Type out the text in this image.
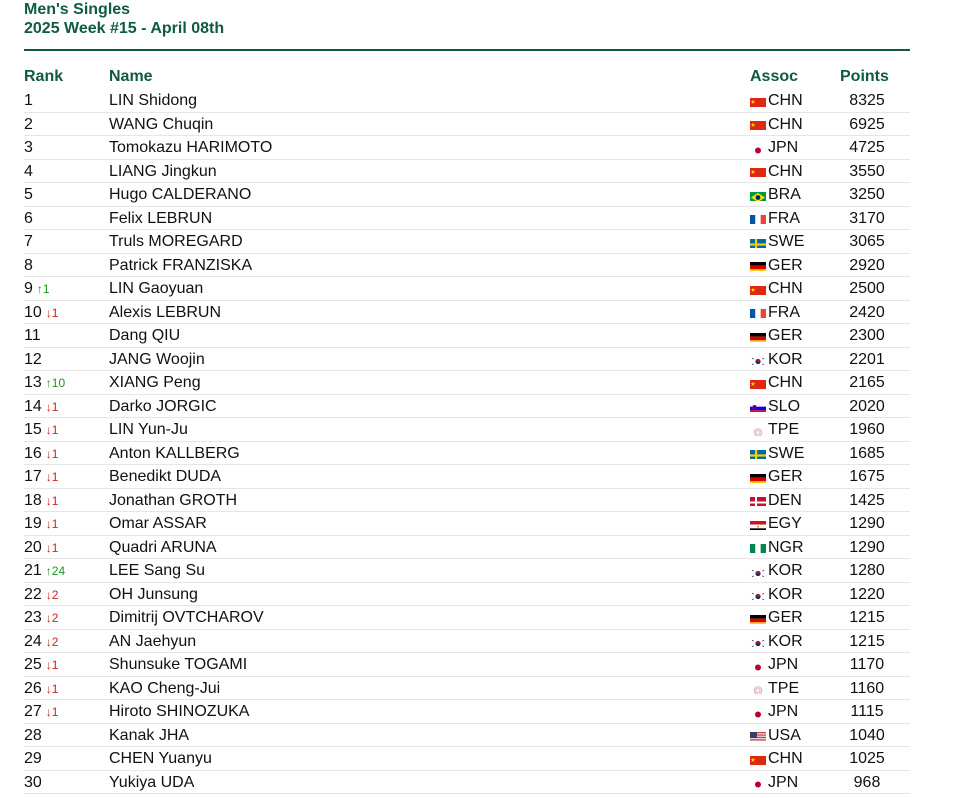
Men's Singles
2025 Week #15 - April 08th
Rank	Name	Assoc	Points
1	LIN Shidong	CHN	8325
2	WANG Chuqin	CHN	6925
3	Tomokazu HARIMOTO	JPN	4725
4	LIANG Jingkun	CHN	3550
5	Hugo CALDERANO	BRA	3250
6	Felix LEBRUN	FRA	3170
7	Truls MOREGARD	SWE	3065
8	Patrick FRANZISKA	GER	2920
9 ↑1	LIN Gaoyuan	CHN	2500
10 ↓1	Alexis LEBRUN	FRA	2420
11	Dang QIU	GER	2300
12	JANG Woojin	KOR	2201
13 ↑10	XIANG Peng	CHN	2165
14 ↓1	Darko JORGIC	SLO	2020
15 ↓1	LIN Yun-Ju	TPE	1960
16 ↓1	Anton KALLBERG	SWE	1685
17 ↓1	Benedikt DUDA	GER	1675
18 ↓1	Jonathan GROTH	DEN	1425
19 ↓1	Omar ASSAR	EGY	1290
20 ↓1	Quadri ARUNA	NGR	1290
21 ↑24	LEE Sang Su	KOR	1280
22 ↓2	OH Junsung	KOR	1220
23 ↓2	Dimitrij OVTCHAROV	GER	1215
24 ↓2	AN Jaehyun	KOR	1215
25 ↓1	Shunsuke TOGAMI	JPN	1170
26 ↓1	KAO Cheng-Jui	TPE	1160
27 ↓1	Hiroto SHINOZUKA	JPN	1115
28	Kanak JHA	USA	1040
29	CHEN Yuanyu	CHN	1025
30	Yukiya UDA	JPN	968
